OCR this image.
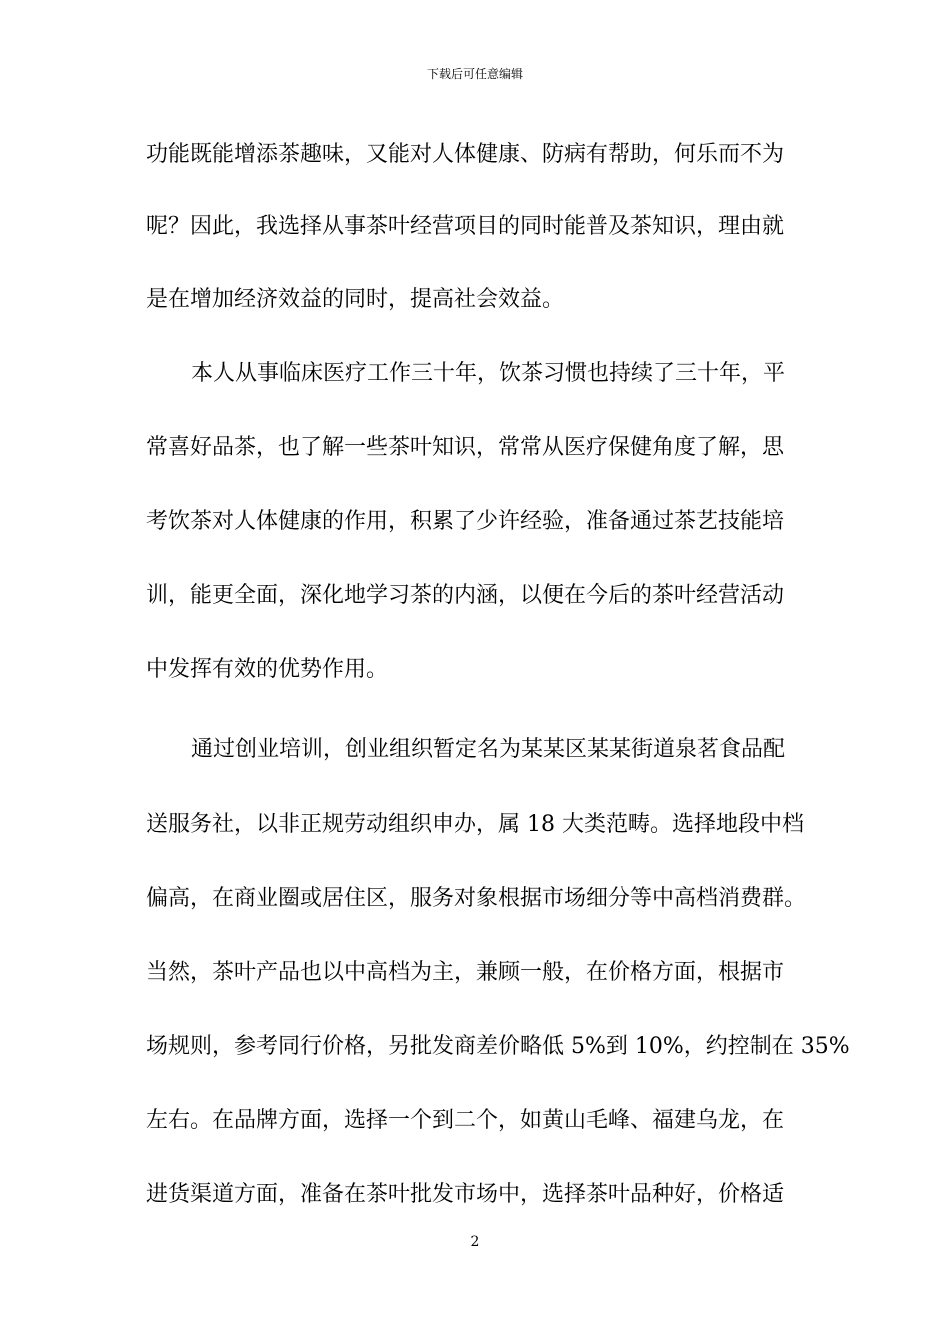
下载后可任意编辑
功能既能增添茶趣味，又能对人体健康、防病有帮助，何乐而不为
呢？因此，我选择从事茶叶经营项目的同时能普及茶知识，理由就
是在增加经济效益的同时，提高社会效益。
本人从事临床医疗工作三十年，饮茶习惯也持续了三十年，平
常喜好品茶，也了解一些茶叶知识，常常从医疗保健角度了解，思
考饮茶对人体健康的作用，积累了少许经验，准备通过茶艺技能培
训，能更全面，深化地学习茶的内涵，以便在今后的茶叶经营活动
中发挥有效的优势作用。
通过创业培训，创业组织暂定名为某某区某某街道泉茗食品配
送服务社，以非正规劳动组织申办，属 18 大类范畴。选择地段中档
偏高，在商业圈或居住区，服务对象根据市场细分等中高档消费群。
当然，茶叶产品也以中高档为主，兼顾一般，在价格方面，根据市
场规则，参考同行价格，另批发商差价略低 5%到 10%，约控制在 35%
左右。在品牌方面，选择一个到二个，如黄山毛峰、福建乌龙，在
进货渠道方面，准备在茶叶批发市场中，选择茶叶品种好，价格适
2
